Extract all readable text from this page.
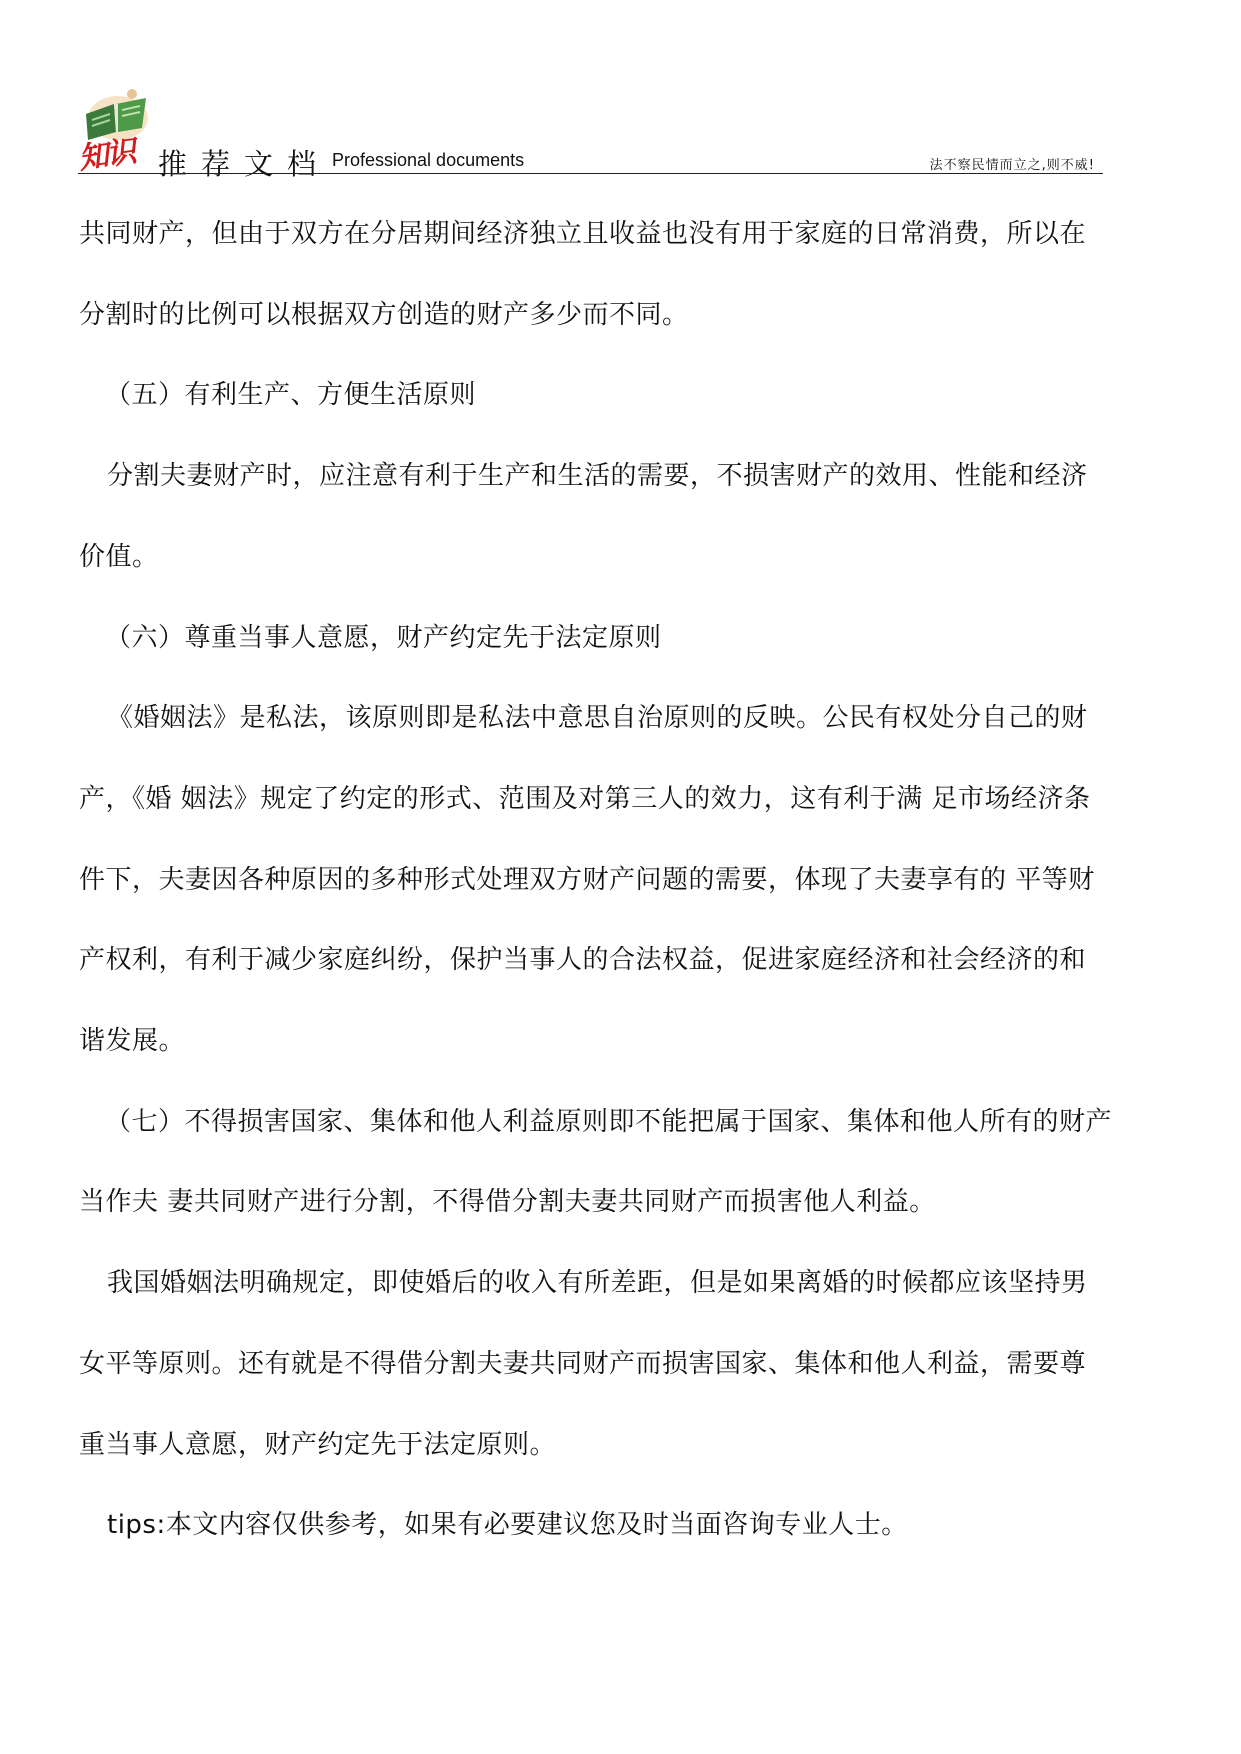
知识 推荐文档 Professional documents	法不察民情而立之,则不威!

共同财产，但由于双方在分居期间经济独立且收益也没有用于家庭的日常消费，所以在

分割时的比例可以根据双方创造的财产多少而不同。

（五）有利生产、方便生活原则

分割夫妻财产时，应注意有利于生产和生活的需要，不损害财产的效用、性能和经济

价值。

（六）尊重当事人意愿，财产约定先于法定原则

《婚姻法》是私法，该原则即是私法中意思自治原则的反映。公民有权处分自己的财

产，《婚 姻法》规定了约定的形式、范围及对第三人的效力，这有利于满 足市场经济条

件下，夫妻因各种原因的多种形式处理双方财产问题的需要，体现了夫妻享有的 平等财

产权利，有利于减少家庭纠纷，保护当事人的合法权益，促进家庭经济和社会经济的和

谐发展。

（七）不得损害国家、集体和他人利益原则即不能把属于国家、集体和他人所有的财产

当作夫 妻共同财产进行分割，不得借分割夫妻共同财产而损害他人利益。

我国婚姻法明确规定，即使婚后的收入有所差距，但是如果离婚的时候都应该坚持男

女平等原则。还有就是不得借分割夫妻共同财产而损害国家、集体和他人利益，需要尊

重当事人意愿，财产约定先于法定原则。

tips:本文内容仅供参考，如果有必要建议您及时当面咨询专业人士。
